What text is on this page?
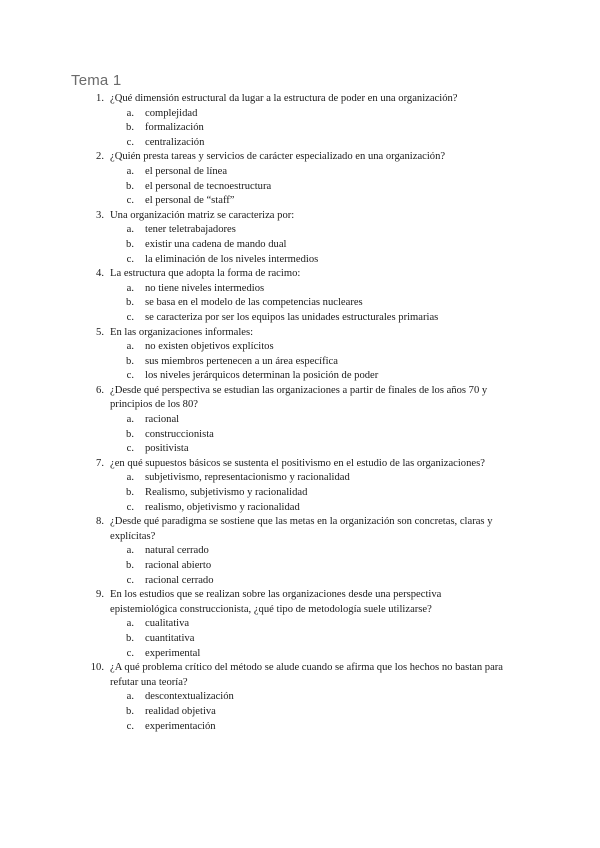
Tema 1
1. ¿Qué dimensión estructural da lugar a la estructura de poder en una organización?
a. complejidad
b. formalización
c. centralización
2. ¿Quién presta tareas y servicios de carácter especializado en una organización?
a. el personal de línea
b. el personal de tecnoestructura
c. el personal de “staff”
3. Una organización matriz se caracteriza por:
a. tener teletrabajadores
b. existir una cadena de mando dual
c. la eliminación de los niveles intermedios
4. La estructura que adopta la forma de racimo:
a. no tiene niveles intermedios
b. se basa en el modelo de las competencias nucleares
c. se caracteriza por ser los equipos las unidades estructurales primarias
5. En las organizaciones informales:
a. no existen objetivos explícitos
b. sus miembros pertenecen a un área específica
c. los niveles jerárquicos determinan la posición de poder
6. ¿Desde qué perspectiva se estudian las organizaciones a partir de finales de los años 70 y principios de los 80?
a. racional
b. construccionista
c. positivista
7. ¿en qué supuestos básicos se sustenta el positivismo en el estudio de las organizaciones?
a. subjetivismo, representacionismo y racionalidad
b. Realismo, subjetivismo y racionalidad
c. realismo, objetivismo y racionalidad
8. ¿Desde qué paradigma se sostiene que las metas en la organización son concretas, claras y explícitas?
a. natural cerrado
b. racional abierto
c. racional cerrado
9. En los estudios que se realizan sobre las organizaciones desde una perspectiva epistemiológica construccionista, ¿qué tipo de metodología suele utilizarse?
a. cualitativa
b. cuantitativa
c. experimental
10. ¿A qué problema crítico del método se alude cuando se afirma que los hechos no bastan para refutar una teoría?
a. descontextualización
b. realidad objetiva
c. experimentación
